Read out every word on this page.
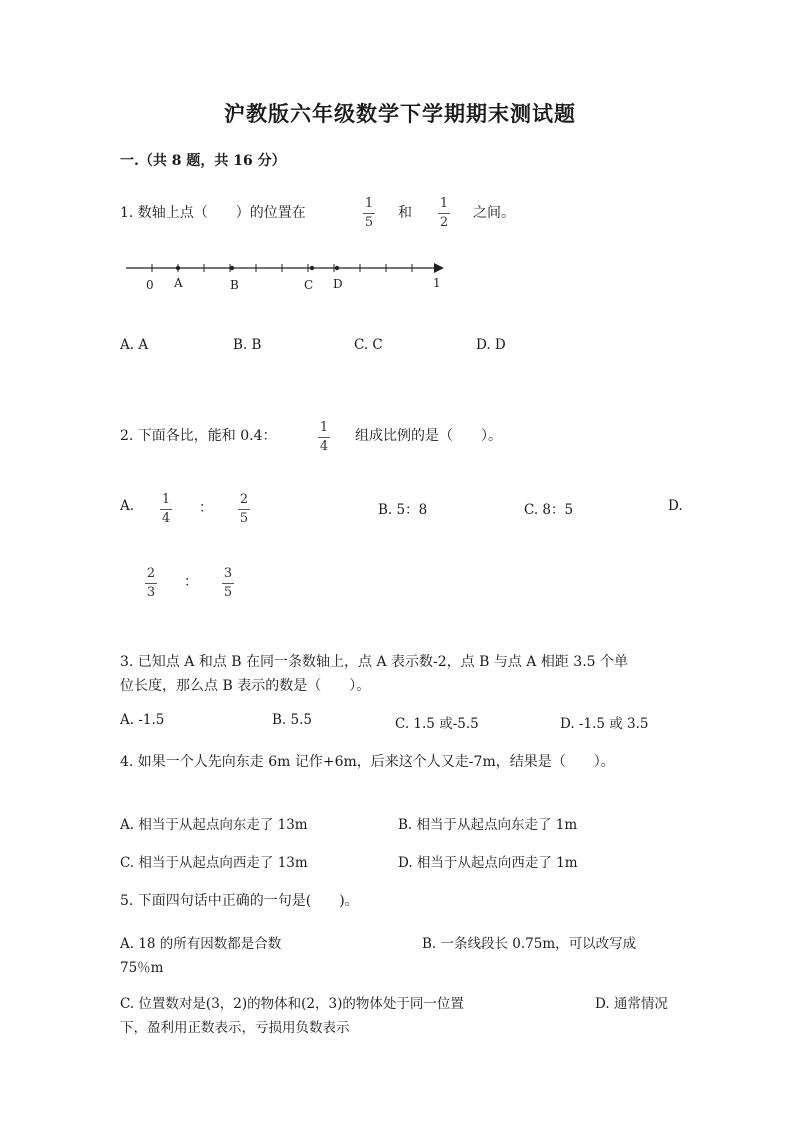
沪教版六年级数学下学期期末测试题
一.（共 8 题，共 16 分）
1. 数轴上点（　　）的位置在
1
5
和
1
2
之间。
0 A	B	C D	1
A. A	B. B	C. C	D. D
2. 下面各比，能和 0.4：
1
4
组成比例的是（　　）。
A. 1
4
：
2
5
B. 5：8	C. 8：5	D.
2
3
：
3
5
3. 已知点 A 和点 B 在同一条数轴上，点 A 表示数-2，点 B 与点 A 相距 3.5 个单
位长度，那么点 B 表示的数是（　　）。
A. -1.5	B. 5.5	C. 1.5 或-5.5	D. -1.5 或 3.5
4. 如果一个人先向东走 6m 记作+6m，后来这个人又走-7m，结果是（　　）。
A. 相当于从起点向东走了 13m	B. 相当于从起点向东走了 1m
C. 相当于从起点向西走了 13m	D. 相当于从起点向西走了 1m
5. 下面四句话中正确的一句是(　　)。
A. 18 的所有因数都是合数	B. 一条线段长 0.75m，可以改写成
75％m
C. 位置数对是(3，2)的物体和(2，3)的物体处于同一位置	D. 通常情况
下，盈利用正数表示，亏损用负数表示
